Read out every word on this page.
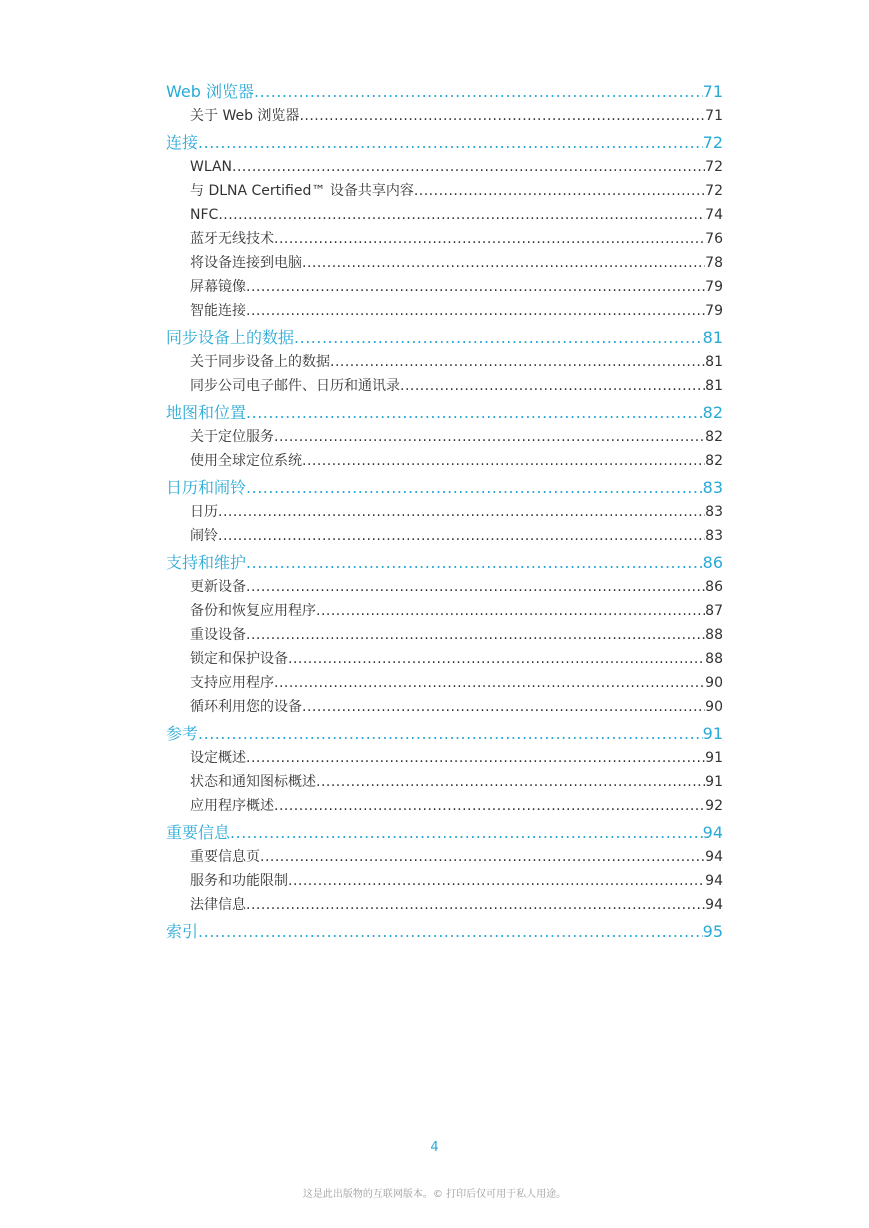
Web 浏览器 .....	71
关于 Web 浏览器 .....	71
连接 .....	72
WLAN .....	72
与 DLNA Certified™ 设备共享内容 .....	72
NFC .....	74
蓝牙无线技术 .....	76
将设备连接到电脑 .....	78
屏幕镜像 .....	79
智能连接 .....	79
同步设备上的数据 .....	81
关于同步设备上的数据 .....	81
同步公司电子邮件、日历和通讯录 .....	81
地图和位置 .....	82
关于定位服务 .....	82
使用全球定位系统 .....	82
日历和闹铃 .....	83
日历 .....	83
闹铃 .....	83
支持和维护 .....	86
更新设备 .....	86
备份和恢复应用程序 .....	87
重设设备 .....	88
锁定和保护设备 .....	88
支持应用程序 .....	90
循环利用您的设备 .....	90
参考 .....	91
设定概述 .....	91
状态和通知图标概述 .....	91
应用程序概述 .....	92
重要信息 .....	94
重要信息页 .....	94
服务和功能限制 .....	94
法律信息 .....	94
索引 .....	95
4
这是此出版物的互联网版本。© 打印后仅可用于私人用途。
